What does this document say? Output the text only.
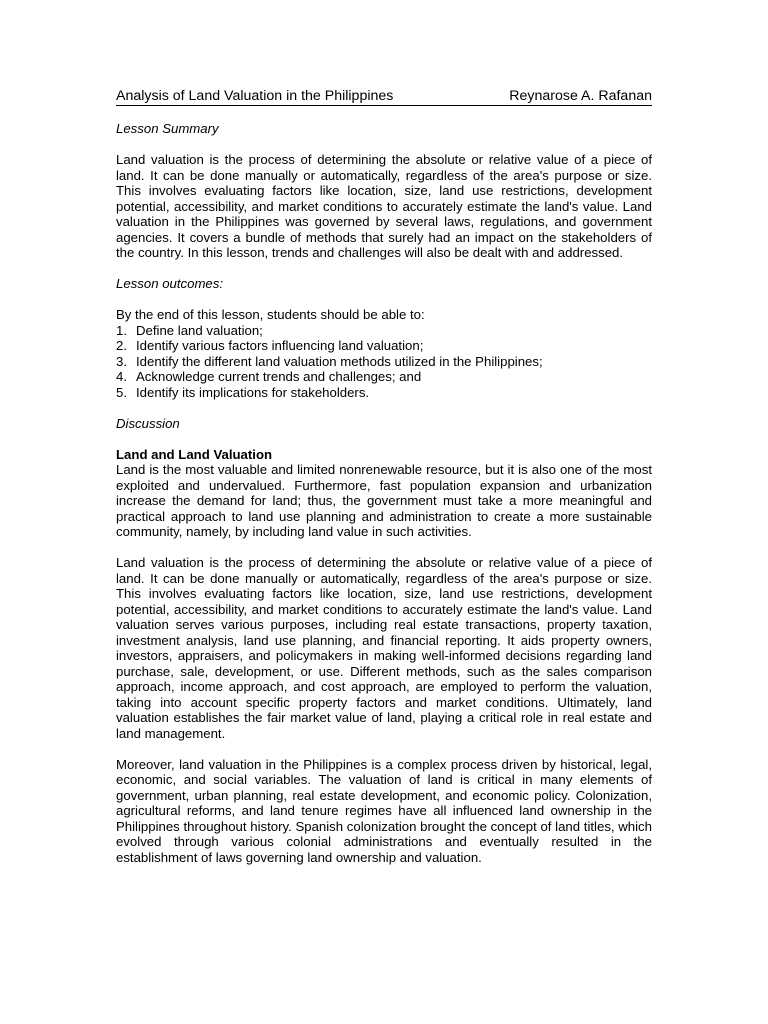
Analysis of Land Valuation in the Philippines	Reynarose A. Rafanan

Lesson Summary

Land valuation is the process of determining the absolute or relative value of a piece of land. It can be done manually or automatically, regardless of the area's purpose or size. This involves evaluating factors like location, size, land use restrictions, development potential, accessibility, and market conditions to accurately estimate the land's value. Land valuation in the Philippines was governed by several laws, regulations, and government agencies. It covers a bundle of methods that surely had an impact on the stakeholders of the country. In this lesson, trends and challenges will also be dealt with and addressed.

Lesson outcomes:

By the end of this lesson, students should be able to:

1. Define land valuation;
2. Identify various factors influencing land valuation;
3. Identify the different land valuation methods utilized in the Philippines;
4. Acknowledge current trends and challenges; and
5. Identify its implications for stakeholders.

Discussion

Land and Land Valuation

Land is the most valuable and limited nonrenewable resource, but it is also one of the most exploited and undervalued. Furthermore, fast population expansion and urbanization increase the demand for land; thus, the government must take a more meaningful and practical approach to land use planning and administration to create a more sustainable community, namely, by including land value in such activities.

Land valuation is the process of determining the absolute or relative value of a piece of land. It can be done manually or automatically, regardless of the area's purpose or size. This involves evaluating factors like location, size, land use restrictions, development potential, accessibility, and market conditions to accurately estimate the land's value. Land valuation serves various purposes, including real estate transactions, property taxation, investment analysis, land use planning, and financial reporting. It aids property owners, investors, appraisers, and policymakers in making well-informed decisions regarding land purchase, sale, development, or use. Different methods, such as the sales comparison approach, income approach, and cost approach, are employed to perform the valuation, taking into account specific property factors and market conditions. Ultimately, land valuation establishes the fair market value of land, playing a critical role in real estate and land management.

Moreover, land valuation in the Philippines is a complex process driven by historical, legal, economic, and social variables. The valuation of land is critical in many elements of government, urban planning, real estate development, and economic policy. Colonization, agricultural reforms, and land tenure regimes have all influenced land ownership in the Philippines throughout history. Spanish colonization brought the concept of land titles, which evolved through various colonial administrations and eventually resulted in the establishment of laws governing land ownership and valuation.
